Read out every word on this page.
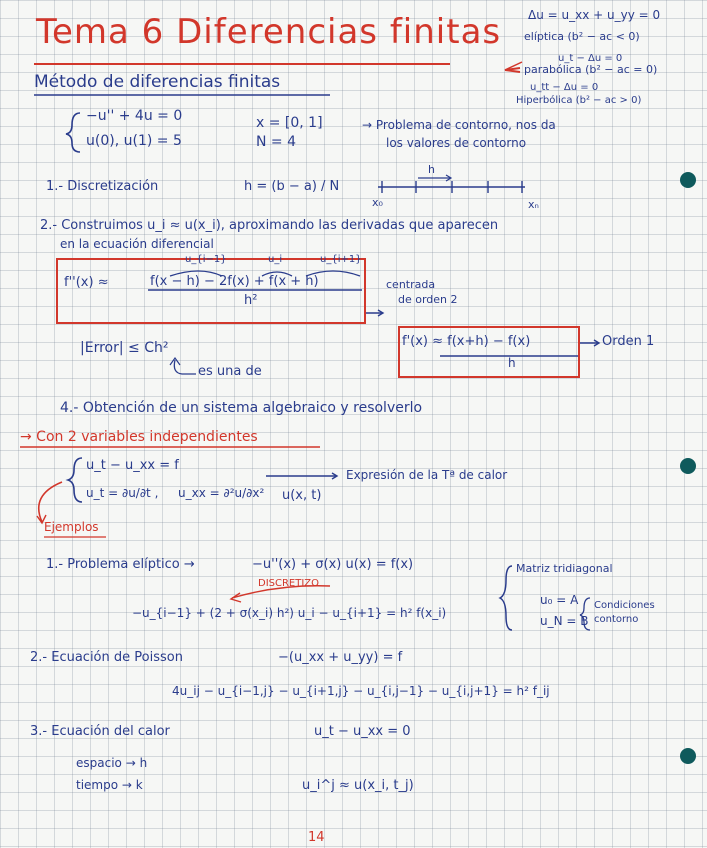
Tema 6 Diferencias finitas Δu = u_xx + u_yy = 0
elíptica (b² − ac < 0)
u_t − Δu = 0
parabólica (b² − ac = 0)
u_tt − Δu = 0
Hiperbólica (b² − ac > 0)
Método de diferencias finitas
−u'' + 4u = 0
u(0), u(1) = 5
x = [0, 1]
N = 4
→ Problema de contorno, nos da
los valores de contorno
1.- Discretización	h = (b − a) / N
h
x₀	xₙ
2.- Construimos u_i ≈ u(x_i), aproximando las derivadas que aparecen
en la ecuación diferencial
u_{i−1}	u_i	u_{i+1}
f''(x) ≈	f(x − h) − 2f(x) + f(x + h)
h²
centrada
de orden 2
|Error| ≤ Ch²
es una de
f'(x) ≈ f(x+h) − f(x)
h
Orden 1
4.- Obtención de un sistema algebraico y resolverlo
→ Con 2 variables independientes
u_t − u_xx = f
u_t = ∂u/∂t , u_xx = ∂²u/∂x²
Expresión de la Tª de calor
u(x, t)
Ejemplos
1.- Problema elíptico →	−u''(x) + σ(x) u(x) = f(x)
DISCRETIZO
−u_{i−1} + (2 + σ(x_i) h²) u_i − u_{i+1} = h² f(x_i)
Matriz tridiagonal
u₀ = A
u_N = B
Condiciones
contorno
2.- Ecuación de Poisson	−(u_xx + u_yy) = f
4u_ij − u_{i−1,j} − u_{i+1,j} − u_{i,j−1} − u_{i,j+1} = h² f_ij
3.- Ecuación del calor	u_t − u_xx = 0
espacio → h
tiempo → k	u_i^j ≈ u(x_i, t_j)
14
